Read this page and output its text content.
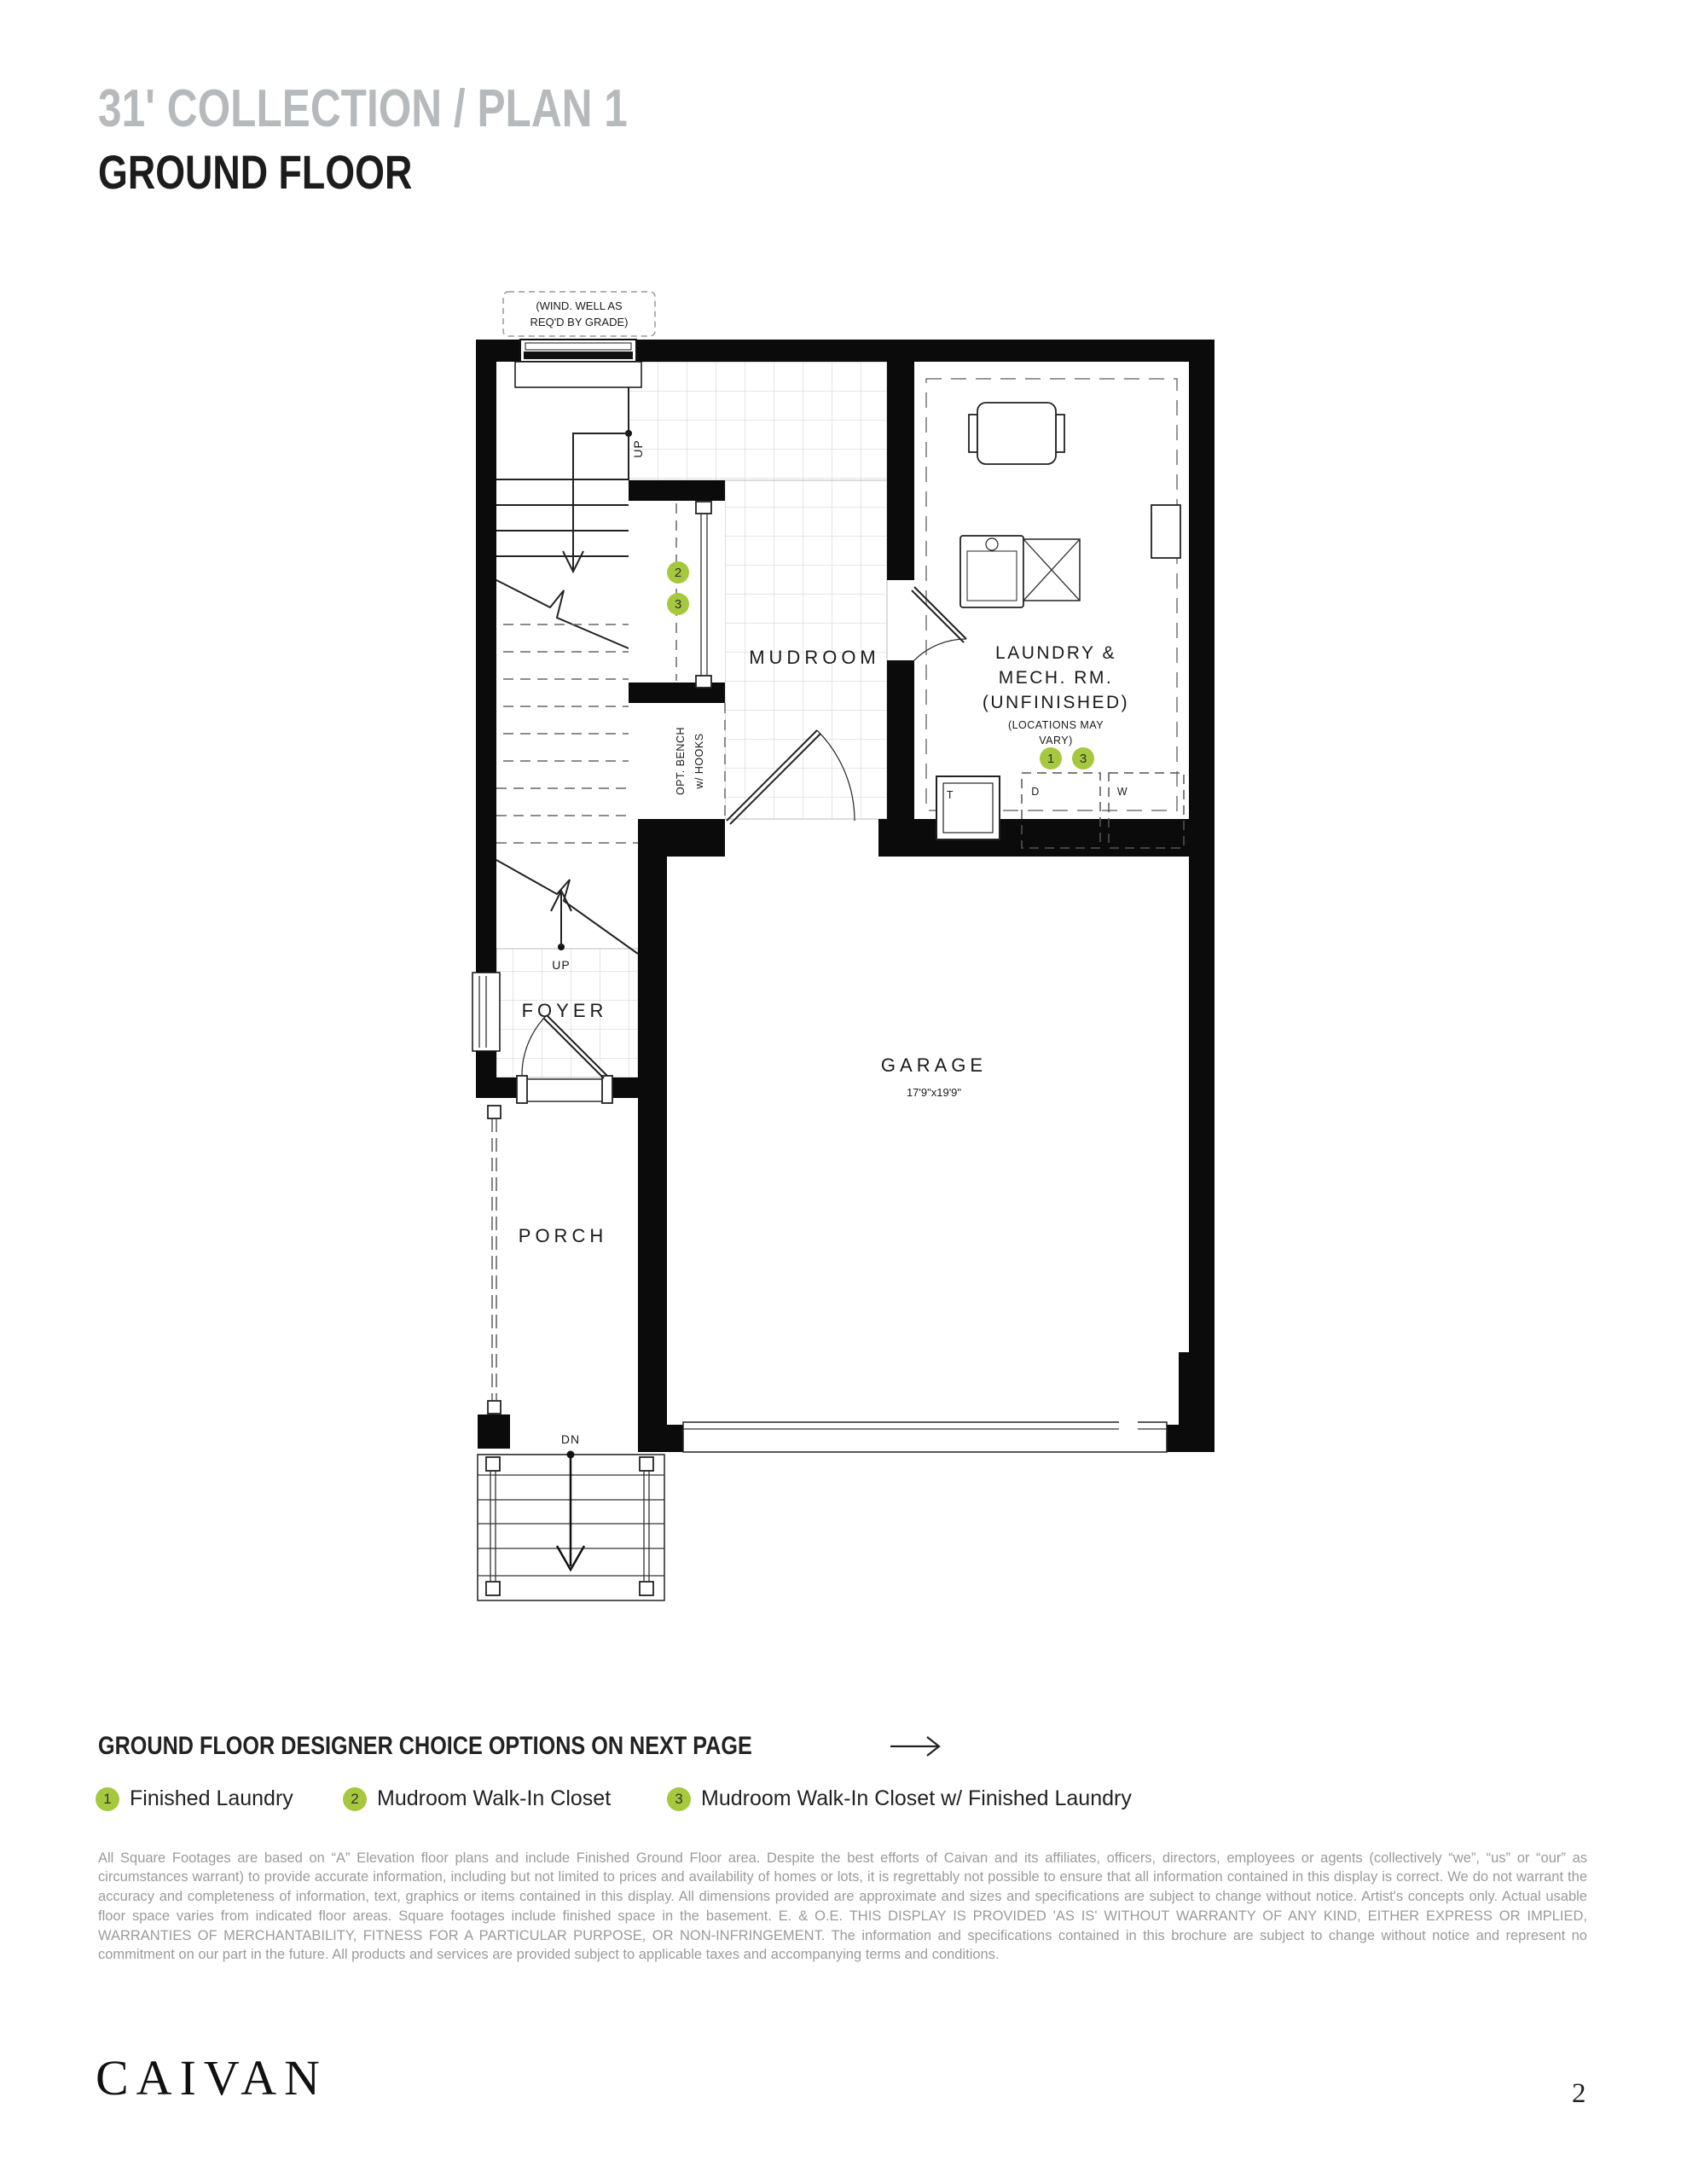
31' COLLECTION / PLAN 1
GROUND FLOOR
UP
UP
(WIND. WELL AS
REQ'D BY GRADE)
OPT. BENCH w/ HOOKS
LAUNDRY &
MECH. RM.
(UNFINISHED)
(LOCATIONS MAY
VARY)
D	W
T
DN
MUDROOM
FOYER
GARAGE
17'9"x19'9"
PORCH
2
3
1 3
GROUND FLOOR DESIGNER CHOICE OPTIONS ON NEXT PAGE
1 Finished Laundry	2 Mudroom Walk-In Closet	3 Mudroom Walk-In Closet w/ Finished Laundry

All Square Footages are based on “A” Elevation floor plans and include Finished Ground Floor area. Despite the best efforts of Caivan and its affiliates, officers, directors, employees or agents (collectively “we”, “us” or “our” as circumstances warrant) to provide accurate information, including but not limited to prices and availability of homes or lots, it is regrettably not possible to ensure that all information contained in this display is correct. We do not warrant the accuracy and completeness of information, text, graphics or items contained in this display. All dimensions provided are approximate and sizes and specifications are subject to change without notice. Artist's concepts only. Actual usable floor space varies from indicated floor areas. Square footages include finished space in the basement. E. & O.E. THIS DISPLAY IS PROVIDED 'AS IS' WITHOUT WARRANTY OF ANY KIND, EITHER EXPRESS OR IMPLIED, WARRANTIES OF MERCHANTABILITY, FITNESS FOR A PARTICULAR PURPOSE, OR NON-INFRINGEMENT. The information and specifications contained in this brochure are subject to change without notice and represent no commitment on our part in the future. All products and services are provided subject to applicable taxes and accompanying terms and conditions.

CAIVAN	2
